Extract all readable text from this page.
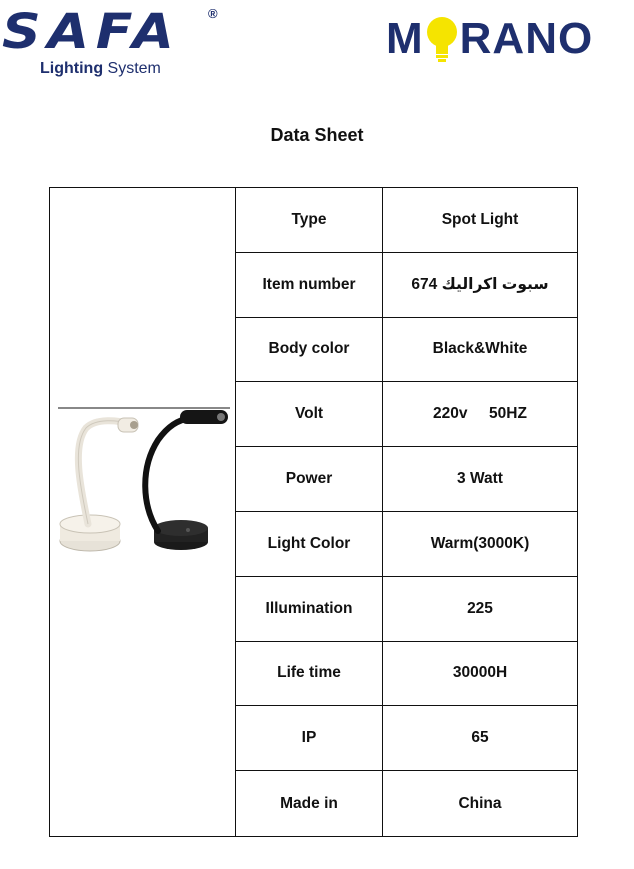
SAFA ®
Lighting System
M RANO
Data Sheet
Type	Spot Light
Item number	سبوت اكراليك 674
Body color	Black&White
Volt	220v     50HZ
Power	3 Watt
Light Color	Warm(3000K)
Illumination	225
Life time	30000H
IP	65
Made in	China
